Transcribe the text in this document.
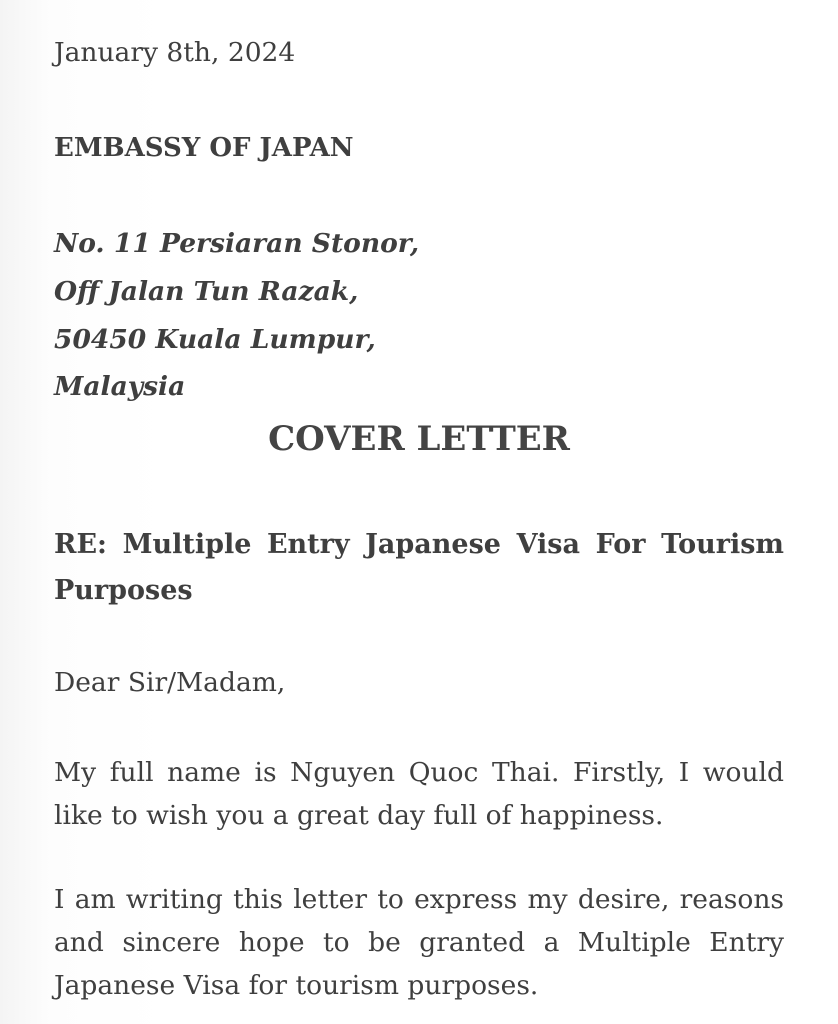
January 8th, 2024
EMBASSY OF JAPAN
No. 11 Persiaran Stonor,
Off Jalan Tun Razak,
50450 Kuala Lumpur,
Malaysia
COVER LETTER
RE: Multiple Entry Japanese Visa For Tourism Purposes
Dear Sir/Madam,
My full name is Nguyen Quoc Thai. Firstly, I would like to wish you a great day full of happiness.
I am writing this letter to express my desire, reasons and sincere hope to be granted a Multiple Entry Japanese Visa for tourism purposes.
